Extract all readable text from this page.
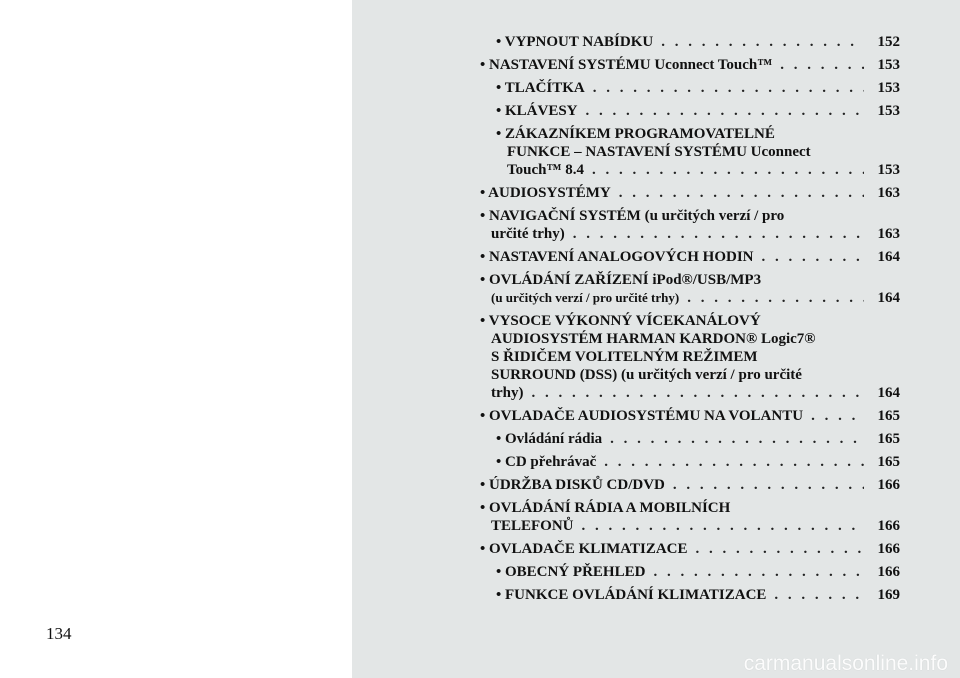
134
• VYPNOUT NABÍDKU . . .	152
• NASTAVENÍ SYSTÉMU Uconnect Touch™ . . .	153
• TLAČÍTKA . . .	153
• KLÁVESY . . .	153
• ZÁKAZNÍKEM PROGRAMOVATELNÉ
FUNKCE – NASTAVENÍ SYSTÉMU Uconnect
Touch™ 8.4 . . .	153
• AUDIOSYSTÉMY . . .	163
• NAVIGAČNÍ SYSTÉM (u určitých verzí / pro
určité trhy) . . .	163
• NASTAVENÍ ANALOGOVÝCH HODIN . . .	164
• OVLÁDÁNÍ ZAŘÍZENÍ iPod®/USB/MP3
(u určitých verzí / pro určité trhy) . . .	164
• VYSOCE VÝKONNÝ VÍCEKANÁLOVÝ
AUDIOSYSTÉM HARMAN KARDON® Logic7®
S ŘIDIČEM VOLITELNÝM REŽIMEM
SURROUND (DSS) (u určitých verzí / pro určité
trhy) . . .	164
• OVLADAČE AUDIOSYSTÉMU NA VOLANTU . . .	165
• Ovládání rádia . . .	165
• CD přehrávač . . .	165
• ÚDRŽBA DISKŮ CD/DVD . . .	166
• OVLÁDÁNÍ RÁDIA A MOBILNÍCH
TELEFONŮ . . .	166
• OVLADAČE KLIMATIZACE . . .	166
• OBECNÝ PŘEHLED . . .	166
• FUNKCE OVLÁDÁNÍ KLIMATIZACE . . .	169
carmanualsonline.info
